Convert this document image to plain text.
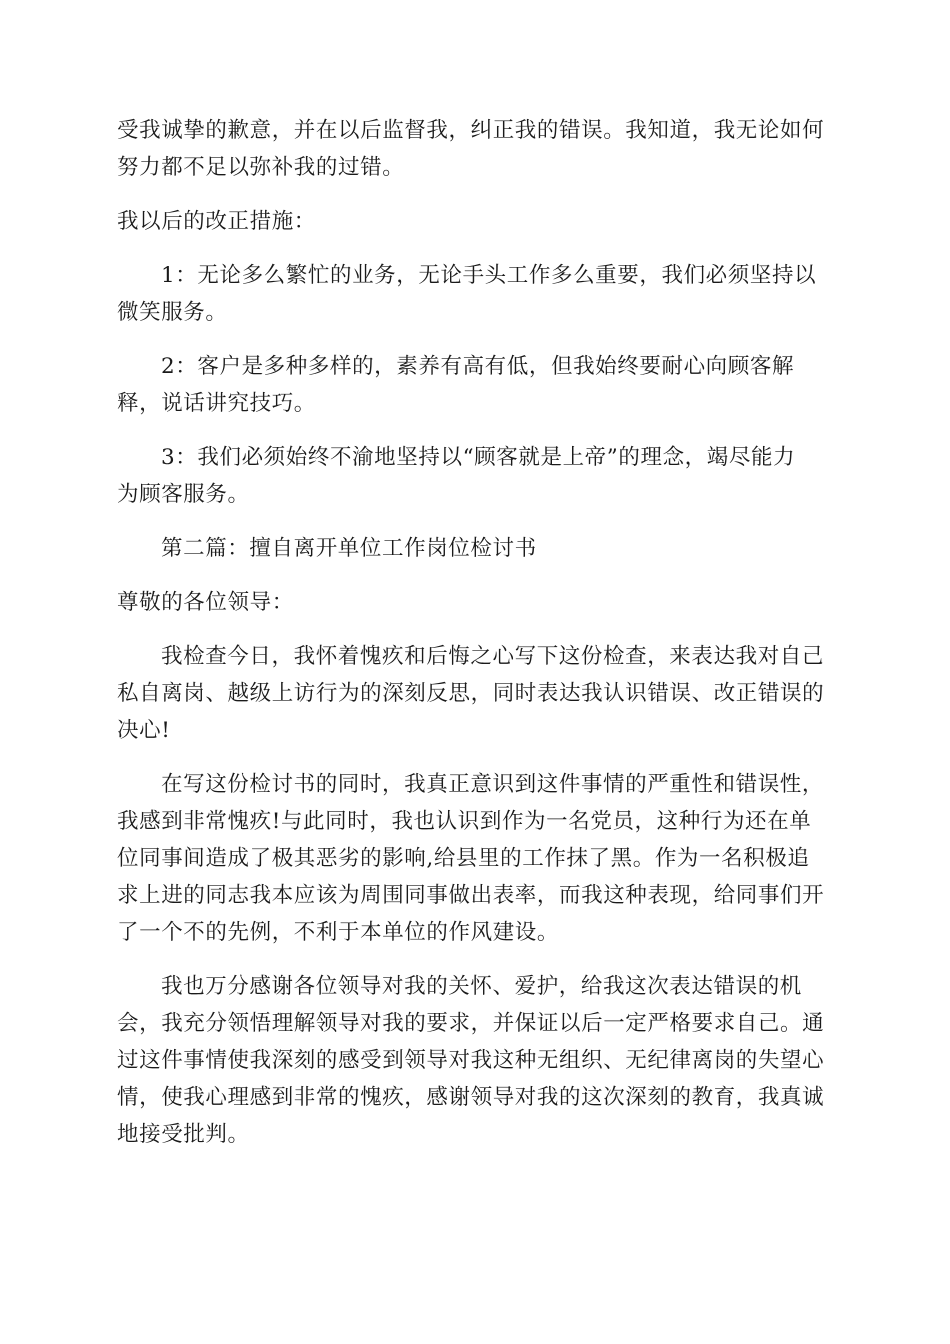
受我诚挚的歉意，并在以后监督我，纠正我的错误。我知道，我无论如何
努力都不足以弥补我的过错。

我以后的改正措施：

1：无论多么繁忙的业务，无论手头工作多么重要，我们必须坚持以
微笑服务。

2：客户是多种多样的，素养有高有低，但我始终要耐心向顾客解
释，说话讲究技巧。

3：我们必须始终不渝地坚持以“顾客就是上帝”的理念，竭尽能力
为顾客服务。

第二篇：擅自离开单位工作岗位检讨书

尊敬的各位领导：

我检查今日，我怀着愧疚和后悔之心写下这份检查，来表达我对自己
私自离岗、越级上访行为的深刻反思，同时表达我认识错误、改正错误的
决心!

在写这份检讨书的同时，我真正意识到这件事情的严重性和错误性，
我感到非常愧疚!与此同时，我也认识到作为一名党员，这种行为还在单
位同事间造成了极其恶劣的影响,给县里的工作抹了黑。作为一名积极追
求上进的同志我本应该为周围同事做出表率，而我这种表现，给同事们开
了一个不的先例，不利于本单位的作风建设。

我也万分感谢各位领导对我的关怀、爱护，给我这次表达错误的机
会，我充分领悟理解领导对我的要求，并保证以后一定严格要求自己。通
过这件事情使我深刻的感受到领导对我这种无组织、无纪律离岗的失望心
情，使我心理感到非常的愧疚，感谢领导对我的这次深刻的教育，我真诚
地接受批判。
